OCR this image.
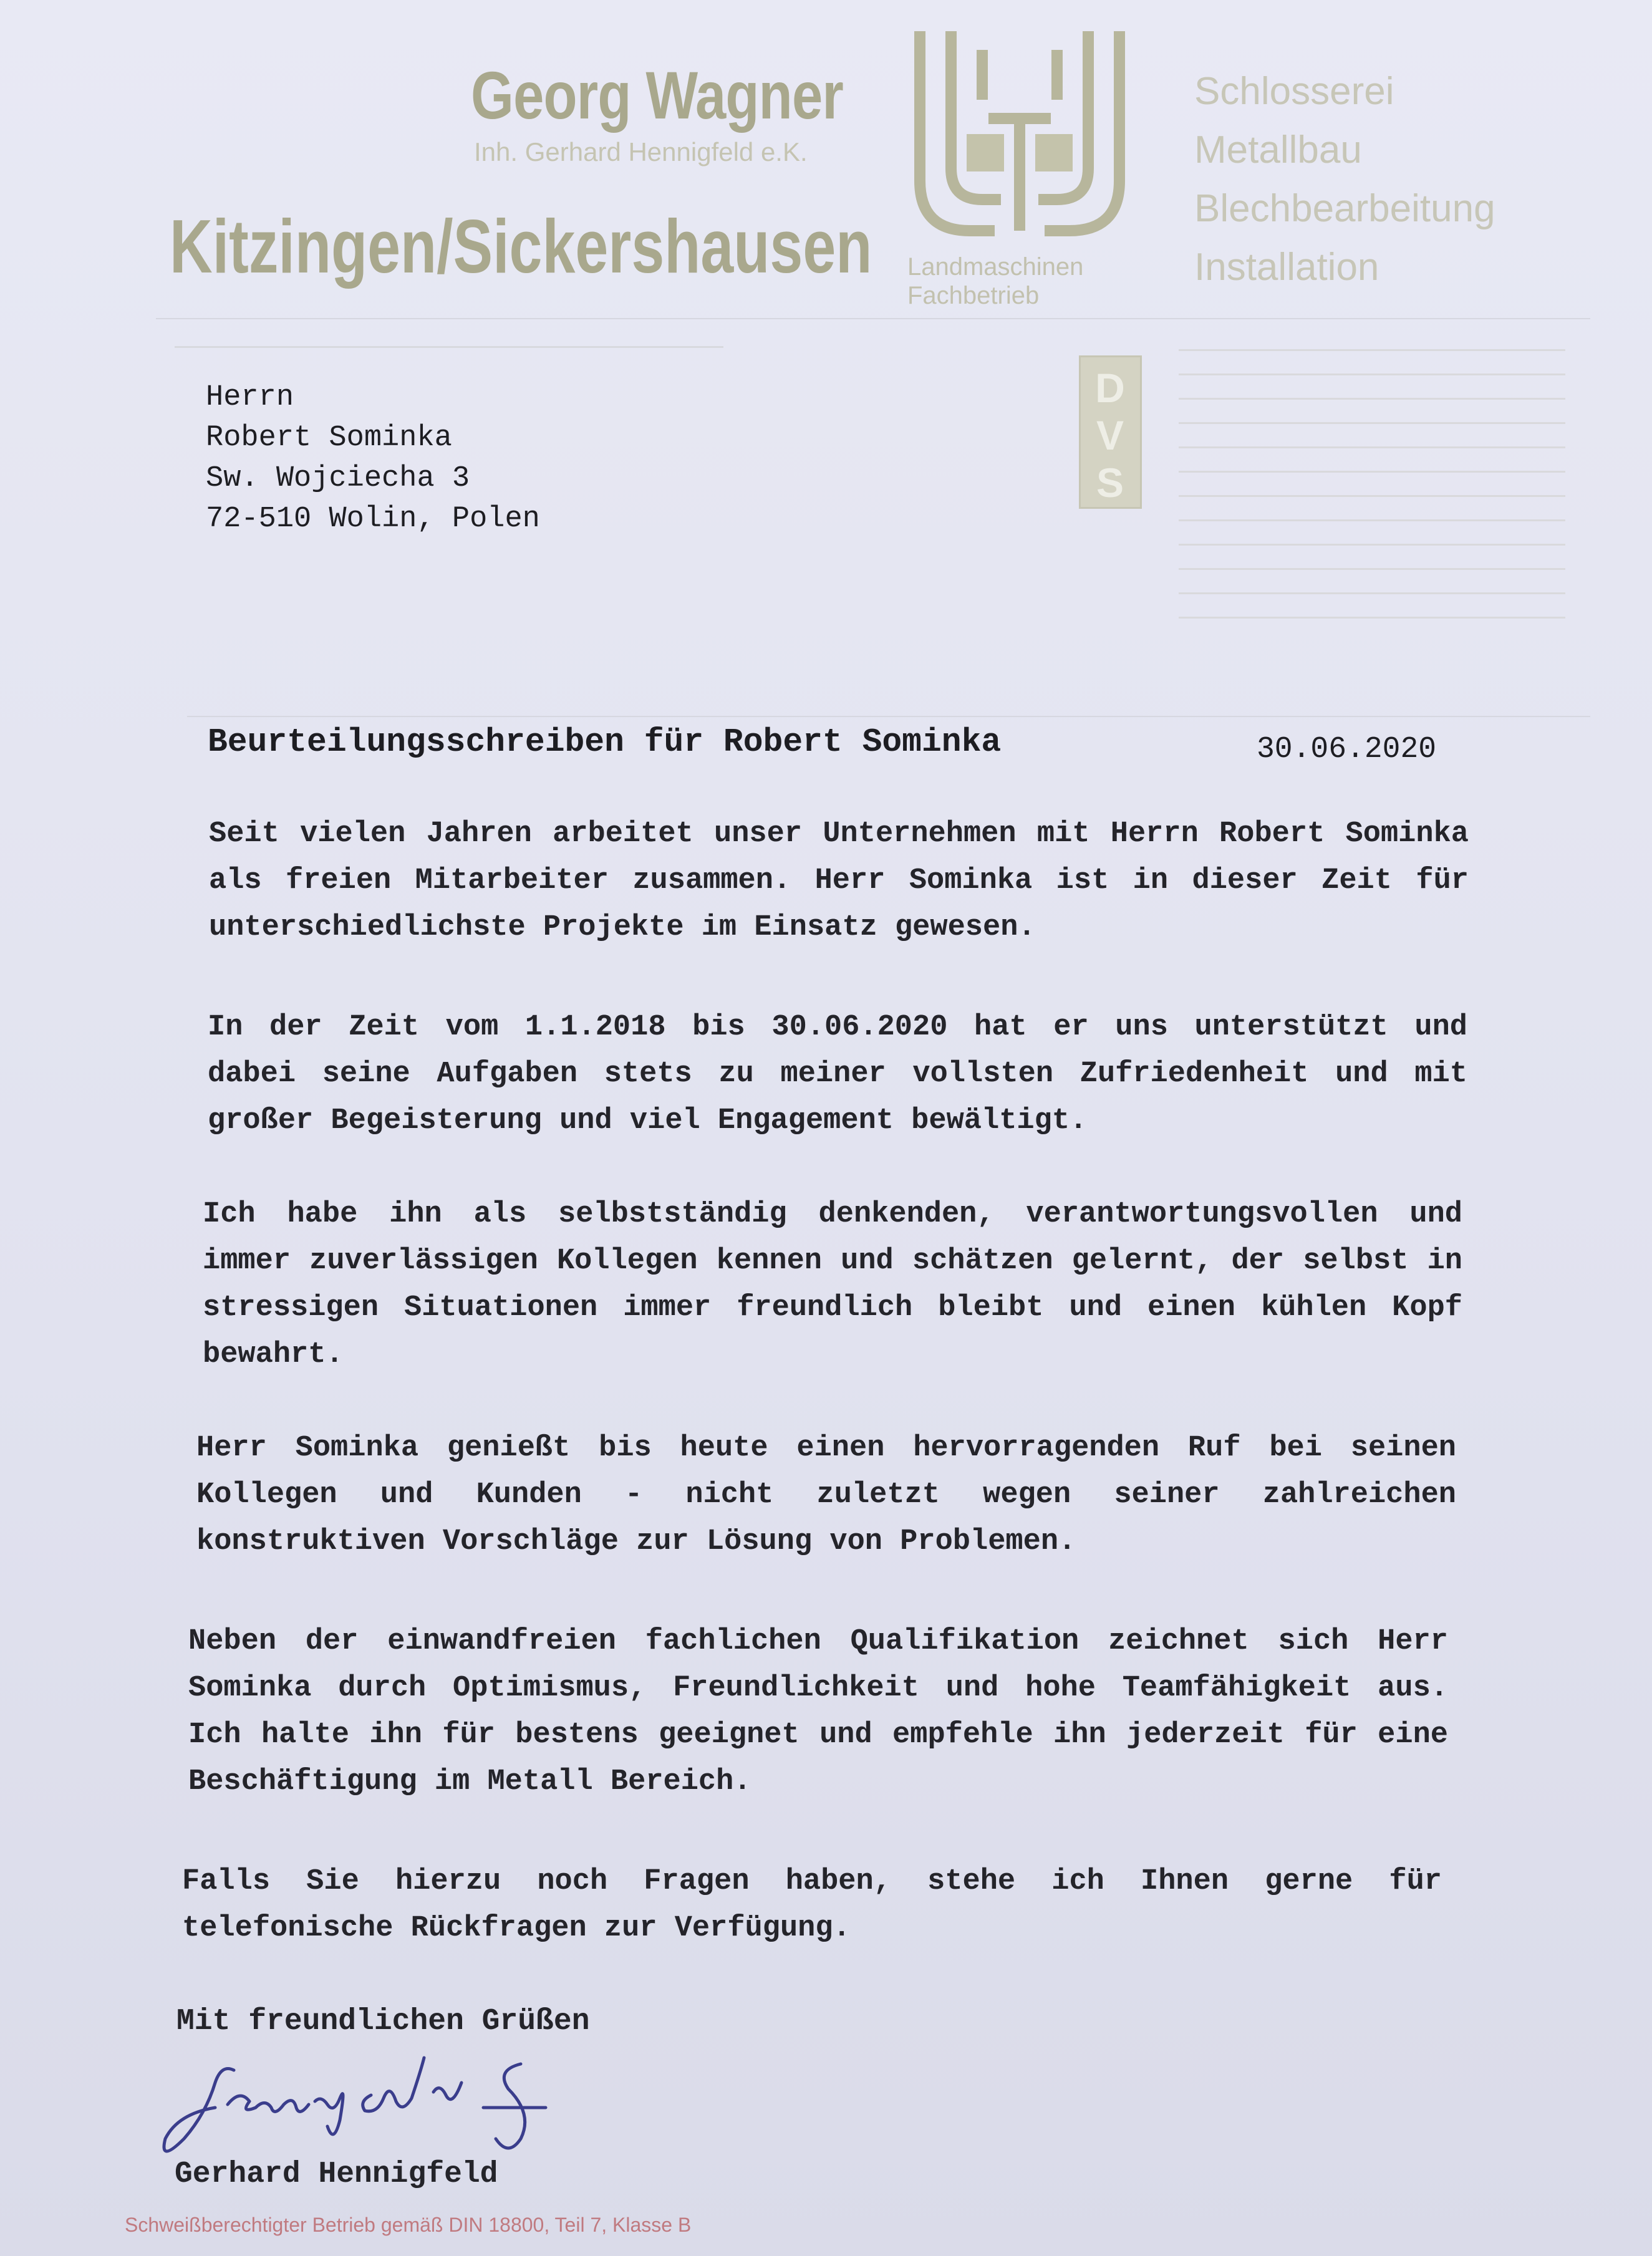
Georg Wagner
Inh. Gerhard Hennigfeld e.K.
Kitzingen/Sickershausen Landmaschinen
Fachbetrieb
Schlosserei
Metallbau
Blechbearbeitung
Installation
D
V
S
Herrn
Robert Sominka
Sw. Wojciecha 3
72-510 Wolin, Polen
Beurteilungsschreiben für Robert Sominka	30.06.2020
Seit vielen Jahren arbeitet unser Unternehmen mit Herrn Robert Sominka als freien Mitarbeiter zusammen. Herr Sominka ist in dieser Zeit für unterschiedlichste Projekte im Einsatz gewesen.
In der Zeit vom 1.1.2018 bis 30.06.2020 hat er uns unterstützt und dabei seine Aufgaben stets zu meiner vollsten Zufriedenheit und mit großer Begeisterung und viel Engagement bewältigt.
Ich habe ihn als selbstständig denkenden, verantwortungsvollen und immer zuverlässigen Kollegen kennen und schätzen gelernt, der selbst in stressigen Situationen immer freundlich bleibt und einen kühlen Kopf bewahrt.
Herr Sominka genießt bis heute einen hervorragenden Ruf bei seinen Kollegen und Kunden - nicht zuletzt wegen seiner zahlreichen konstruktiven Vorschläge zur Lösung von Problemen.
Neben der einwandfreien fachlichen Qualifikation zeichnet sich Herr Sominka durch Optimismus, Freundlichkeit und hohe Teamfähigkeit aus. Ich halte ihn für bestens geeignet und empfehle ihn jederzeit für eine Beschäftigung im Metall Bereich.
Falls Sie hierzu noch Fragen haben, stehe ich Ihnen gerne für telefonische Rückfragen zur Verfügung.
Mit freundlichen Grüßen
Gerhard Hennigfeld
Schweißberechtigter Betrieb gemäß DIN 18800, Teil 7, Klasse B
